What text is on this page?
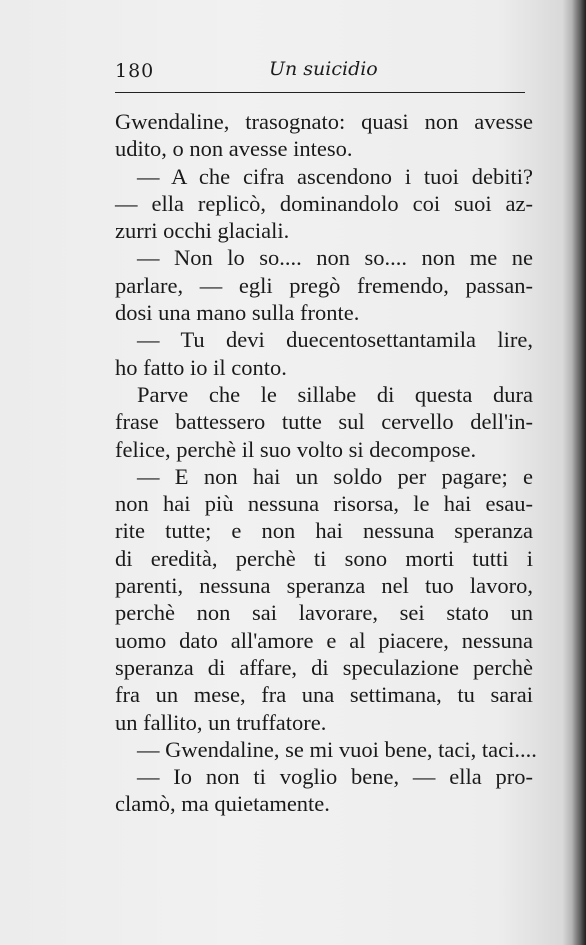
180	Un suicidio
Gwendaline, trasognato: quasi non avesse
udito, o non avesse inteso.
— A che cifra ascendono i tuoi debiti?
— ella replicò, dominandolo coi suoi az-
zurri occhi glaciali.
— Non lo so.... non so.... non me ne
parlare, — egli pregò fremendo, passan-
dosi una mano sulla fronte.
— Tu devi duecentosettantamila lire,
ho fatto io il conto.
Parve che le sillabe di questa dura
frase battessero tutte sul cervello dell'in-
felice, perchè il suo volto si decompose.
— E non hai un soldo per pagare; e
non hai più nessuna risorsa, le hai esau-
rite tutte; e non hai nessuna speranza
di eredità, perchè ti sono morti tutti i
parenti, nessuna speranza nel tuo lavoro,
perchè non sai lavorare, sei stato un
uomo dato all'amore e al piacere, nessuna
speranza di affare, di speculazione perchè
fra un mese, fra una settimana, tu sarai
un fallito, un truffatore.
— Gwendaline, se mi vuoi bene, taci, taci....
— Io non ti voglio bene, — ella pro-
clamò, ma quietamente.
